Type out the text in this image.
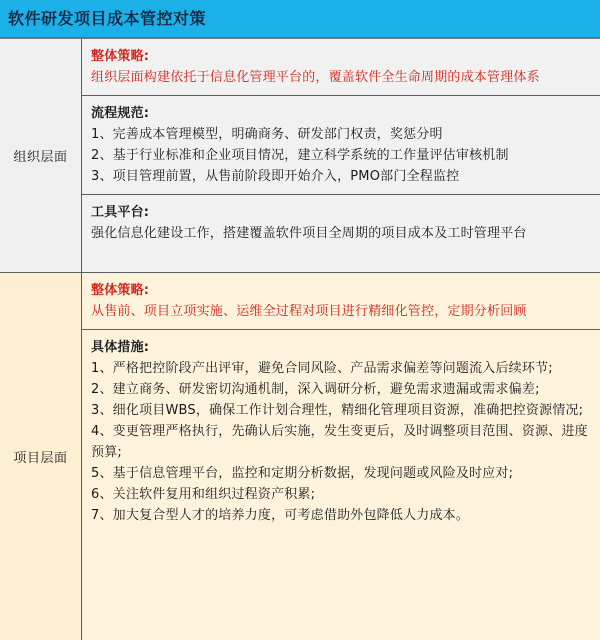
软件研发项目成本管控对策
组织层面
整体策略:
组织层面构建依托于信息化管理平台的，覆盖软件全生命周期的成本管理体系
流程规范:
1、完善成本管理模型，明确商务、研发部门权责，奖惩分明
2、基于行业标准和企业项目情况，建立科学系统的工作量评估审核机制
3、项目管理前置，从售前阶段即开始介入，PMO部门全程监控
工具平台:
强化信息化建设工作，搭建覆盖软件项目全周期的项目成本及工时管理平台
项目层面
整体策略:
从售前、项目立项实施、运维全过程对项目进行精细化管控，定期分析回顾
具体措施:
1、严格把控阶段产出评审，避免合同风险、产品需求偏差等问题流入后续环节;
2、建立商务、研发密切沟通机制，深入调研分析，避免需求遗漏或需求偏差;
3、细化项目WBS，确保工作计划合理性，精细化管理项目资源，准确把控资源情况;
4、变更管理严格执行，先确认后实施，发生变更后，及时调整项目范围、资源、进度预算;
5、基于信息管理平台，监控和定期分析数据，发现问题或风险及时应对;
6、关注软件复用和组织过程资产积累;
7、加大复合型人才的培养力度，可考虑借助外包降低人力成本。
